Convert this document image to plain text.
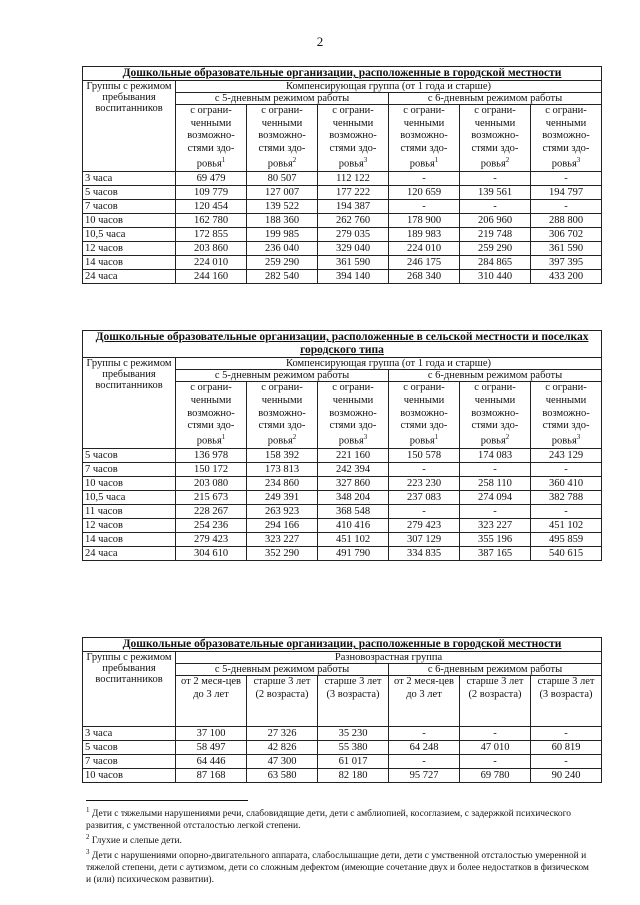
2
Дошкольные образовательные организации, расположенные в городской местности						
Группы с режимом пребывания воспитанников	Компенсирующая группа (от 1 года и старше)					
	с 5-дневным режимом работы			с 6-дневным режимом работы		
	с ограни-ченными возможно-стями здо-ровья$^1$	с ограни-ченными возможно-стями здо-ровья$^2$	с ограни-ченными возможно-стями здо-ровья$^3$	с ограни-ченными возможно-стями здо-ровья$^1$	с ограни-ченными возможно-стями здо-ровья$^2$	с ограни-ченными возможно-стями здо-ровья$^3$
3 часа	69 479	80 507	112 122	-	-	-
5 часов	109 779	127 007	177 222	120 659	139 561	194 797
7 часов	120 454	139 522	194 387	-	-	-
10 часов	162 780	188 360	262 760	178 900	206 960	288 800
10,5 часа	172 855	199 985	279 035	189 983	219 748	306 702
12 часов	203 860	236 040	329 040	224 010	259 290	361 590
14 часов	224 010	259 290	361 590	246 175	284 865	397 395
24 часа	244 160	282 540	394 140	268 340	310 440	433 200
Дошкольные образовательные организации, расположенные в сельской местности и поселках городского типа						
Группы с режимом пребывания воспитанников	Компенсирующая группа (от 1 года и старше)					
	с 5-дневным режимом работы			с 6-дневным режимом работы		
	с ограни-ченными возможно-стями здо-ровья$^1$	с ограни-ченными возможно-стями здо-ровья$^2$	с ограни-ченными возможно-стями здо-ровья$^3$	с ограни-ченными возможно-стями здо-ровья$^1$	с ограни-ченными возможно-стями здо-ровья$^2$	с ограни-ченными возможно-стями здо-ровья$^3$
5 часов	136 978	158 392	221 160	150 578	174 083	243 129
7 часов	150 172	173 813	242 394	-	-	-
10 часов	203 080	234 860	327 860	223 230	258 110	360 410
10,5 часа	215 673	249 391	348 204	237 083	274 094	382 788
11 часов	228 267	263 923	368 548	-	-	-
12 часов	254 236	294 166	410 416	279 423	323 227	451 102
14 часов	279 423	323 227	451 102	307 129	355 196	495 859
24 часа	304 610	352 290	491 790	334 835	387 165	540 615
Дошкольные образовательные организации, расположенные в городской местности						
Группы с режимом пребывания воспитанников	Разновозрастная группа					
	с 5-дневным режимом работы			с 6-дневным режимом работы		
	от 2 меся-цев до 3 лет	старше 3 лет (2 возраста)	старше 3 лет (3 возраста)	от 2 меся-цев до 3 лет	старше 3 лет (2 возраста)	старше 3 лет (3 возраста)
3 часа	37 100	27 326	35 230	-	-	-
5 часов	58 497	42 826	55 380	64 248	47 010	60 819
7 часов	64 446	47 300	61 017	-	-	-
10 часов	87 168	63 580	82 180	95 727	69 780	90 240
$^1$ Дети с тяжелыми нарушениями речи, слабовидящие дети, дети с амблиопией, косоглазием, с задержкой психического развития, с умственной отсталостью легкой степени.
$^2$ Глухие и слепые дети.
$^3$ Дети с нарушениями опорно-двигательного аппарата, слабослышащие дети, дети с умственной отсталостью умеренной и тяжелой степени, дети с аутизмом, дети со сложным дефектом (имеющие сочетание двух и более недостатков в физическом и (или) психическом развитии).
